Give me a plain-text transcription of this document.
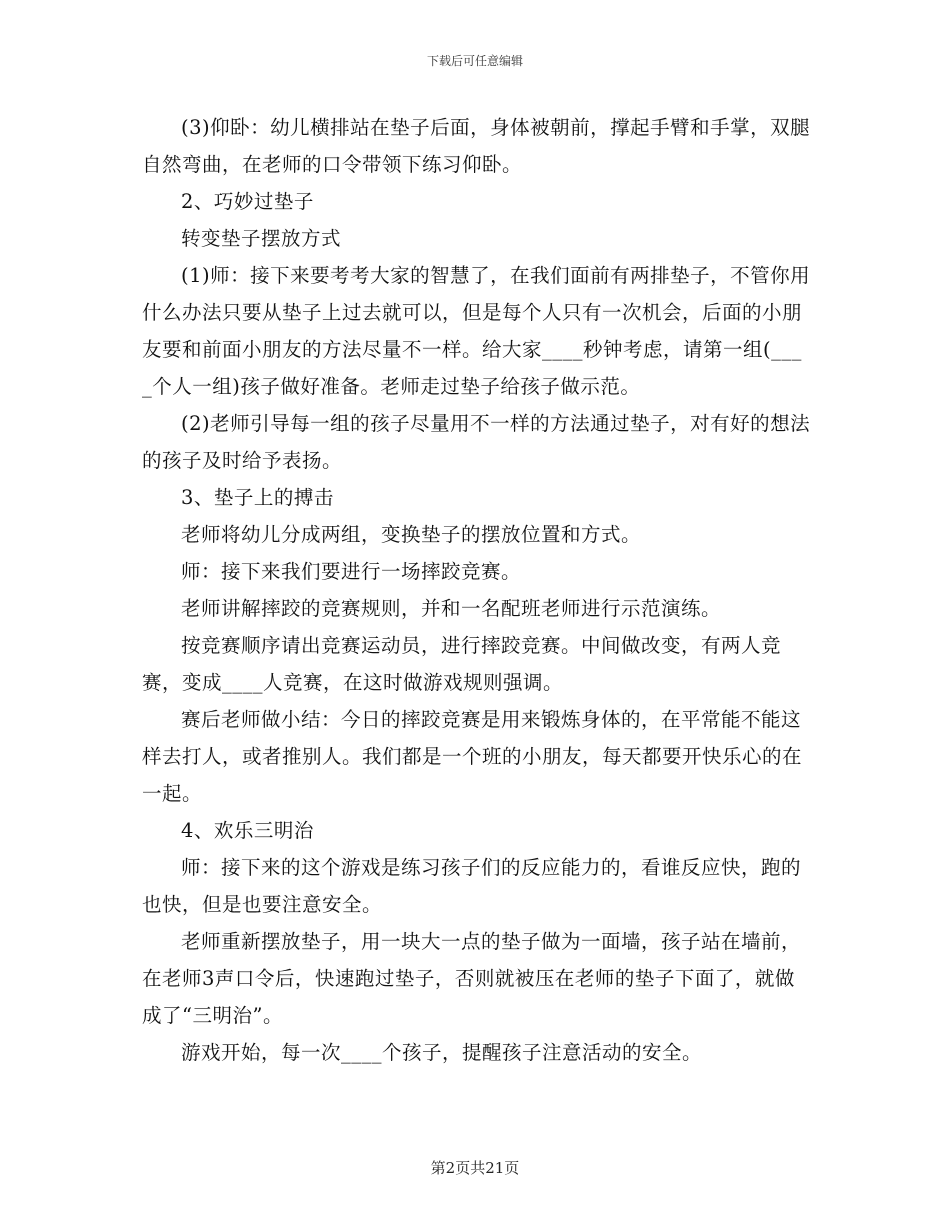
下载后可任意编辑

(3)仰卧：幼儿横排站在垫子后面，身体被朝前，撑起手臂和手掌，双腿自然弯曲，在老师的口令带领下练习仰卧。

2、巧妙过垫子

转变垫子摆放方式

(1)师：接下来要考考大家的智慧了，在我们面前有两排垫子，不管你用什么办法只要从垫子上过去就可以，但是每个人只有一次机会，后面的小朋友要和前面小朋友的方法尽量不一样。给大家____秒钟考虑，请第一组(____个人一组)孩子做好准备。老师走过垫子给孩子做示范。

(2)老师引导每一组的孩子尽量用不一样的方法通过垫子，对有好的想法的孩子及时给予表扬。

3、垫子上的搏击

老师将幼儿分成两组，变换垫子的摆放位置和方式。

师：接下来我们要进行一场摔跤竞赛。

老师讲解摔跤的竞赛规则，并和一名配班老师进行示范演练。

按竞赛顺序请出竞赛运动员，进行摔跤竞赛。中间做改变，有两人竞赛，变成____人竞赛，在这时做游戏规则强调。

赛后老师做小结：今日的摔跤竞赛是用来锻炼身体的，在平常能不能这样去打人，或者推别人。我们都是一个班的小朋友，每天都要开快乐心的在一起。

4、欢乐三明治

师：接下来的这个游戏是练习孩子们的反应能力的，看谁反应快，跑的也快，但是也要注意安全。

老师重新摆放垫子，用一块大一点的垫子做为一面墙，孩子站在墙前，在老师3声口令后，快速跑过垫子，否则就被压在老师的垫子下面了，就做成了“三明治”。

游戏开始，每一次____个孩子，提醒孩子注意活动的安全。

第2页共21页
